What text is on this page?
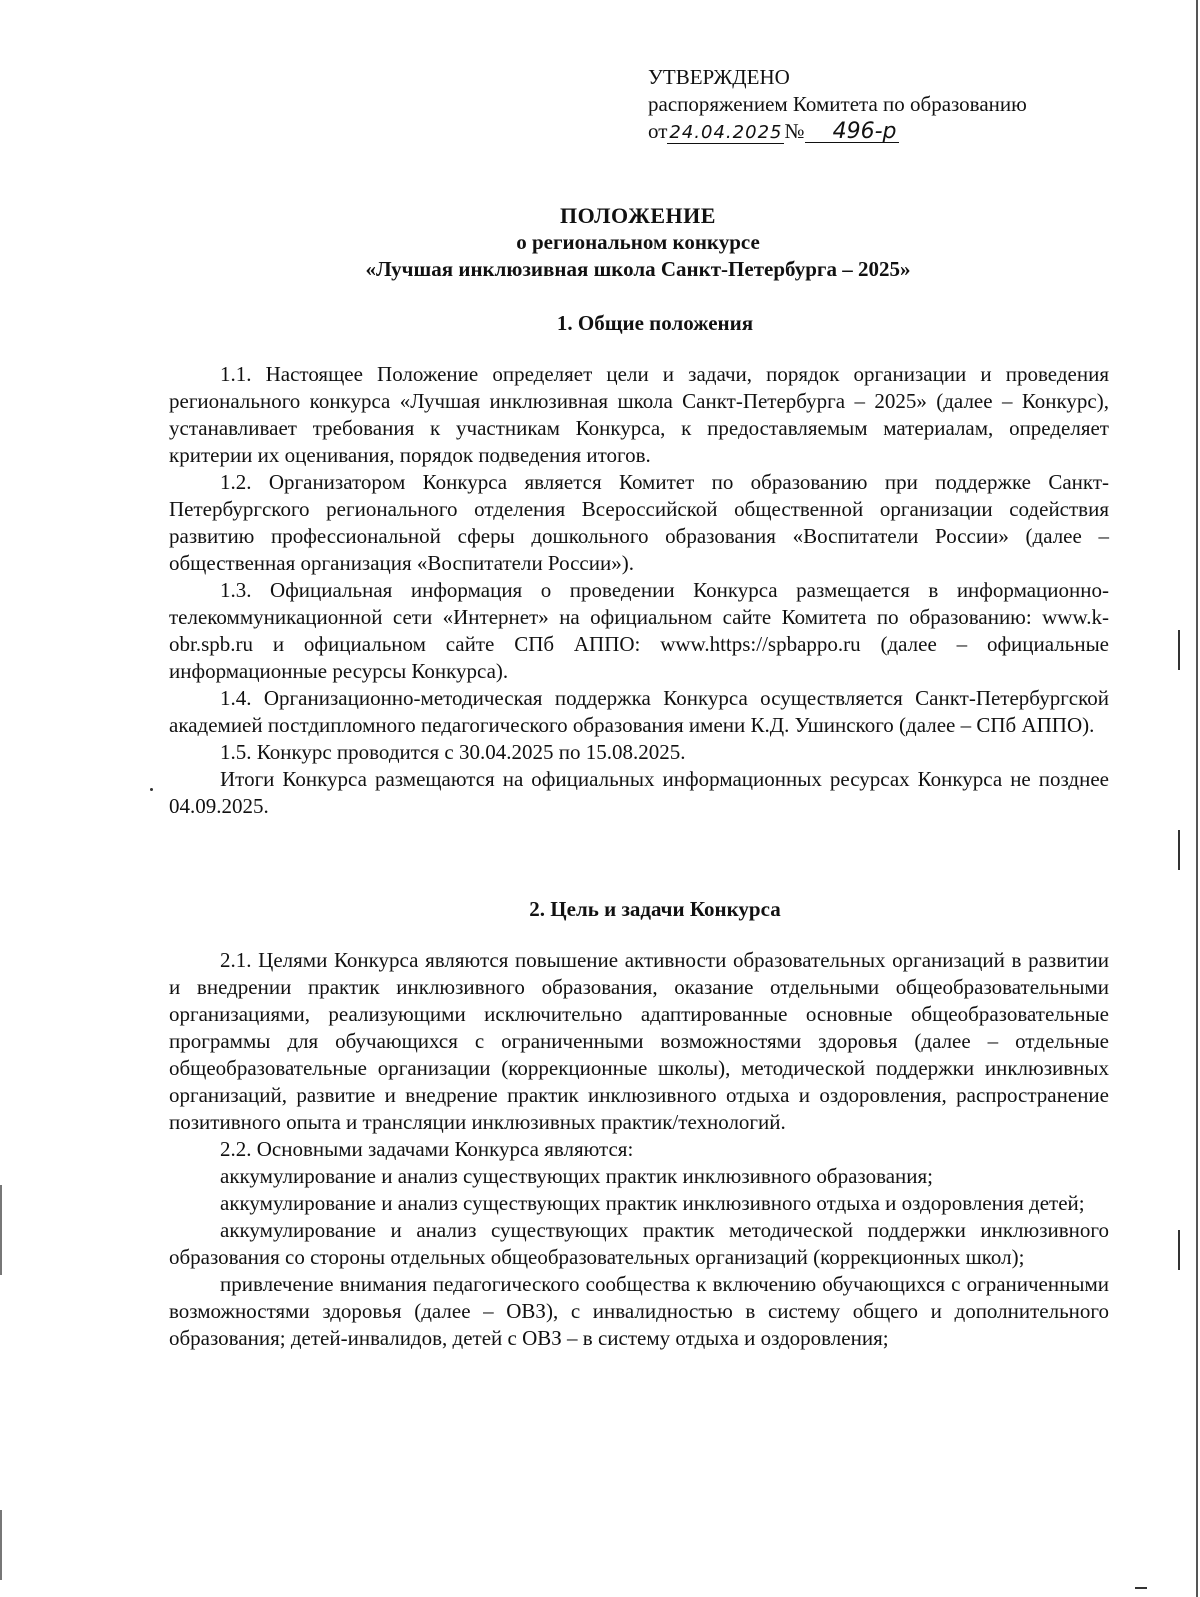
УТВЕРЖДЕНО
распоряжением Комитета по образованию
от 24.04.2025№ 496-р
ПОЛОЖЕНИЕ
о региональном конкурсе
«Лучшая инклюзивная школа Санкт-Петербурга – 2025»

1. Общие положения

1.1. Настоящее Положение определяет цели и задачи, порядок организации и проведения регионального конкурса «Лучшая инклюзивная школа Санкт-Петербурга – 2025» (далее – Конкурс), устанавливает требования к участникам Конкурса, к предоставляемым материалам, определяет критерии их оценивания, порядок подведения итогов.

1.2. Организатором Конкурса является Комитет по образованию при поддержке Санкт-Петербургского регионального отделения Всероссийской общественной организации содействия развитию профессиональной сферы дошкольного образования «Воспитатели России» (далее – общественная организация «Воспитатели России»).

1.3. Официальная информация о проведении Конкурса размещается в информационно-телекоммуникационной сети «Интернет» на официальном сайте Комитета по образованию: www.k-obr.spb.ru и официальном сайте СПб АППО: www.https://spbappo.ru (далее – официальные информационные ресурсы Конкурса).

1.4. Организационно-методическая поддержка Конкурса осуществляется Санкт-Петербургской академией постдипломного педагогического образования имени К.Д. Ушинского (далее – СПб АППО).

1.5. Конкурс проводится с 30.04.2025 по 15.08.2025.

Итоги Конкурса размещаются на официальных информационных ресурсах Конкурса не позднее 04.09.2025.

2. Цель и задачи Конкурса

2.1. Целями Конкурса являются повышение активности образовательных организаций в развитии и внедрении практик инклюзивного образования, оказание отдельными общеобразовательными организациями, реализующими исключительно адаптированные основные общеобразовательные программы для обучающихся с ограниченными возможностями здоровья (далее – отдельные общеобразовательные организации (коррекционные школы), методической поддержки инклюзивных организаций, развитие и внедрение практик инклюзивного отдыха и оздоровления, распространение позитивного опыта и трансляции инклюзивных практик/технологий.

2.2. Основными задачами Конкурса являются:

аккумулирование и анализ существующих практик инклюзивного образования;

аккумулирование и анализ существующих практик инклюзивного отдыха и оздоровления детей;

аккумулирование и анализ существующих практик методической поддержки инклюзивного образования со стороны отдельных общеобразовательных организаций (коррекционных школ);

привлечение внимания педагогического сообщества к включению обучающихся с ограниченными возможностями здоровья (далее – ОВЗ), с инвалидностью в систему общего и дополнительного образования; детей-инвалидов, детей с ОВЗ – в систему отдыха и оздоровления;
